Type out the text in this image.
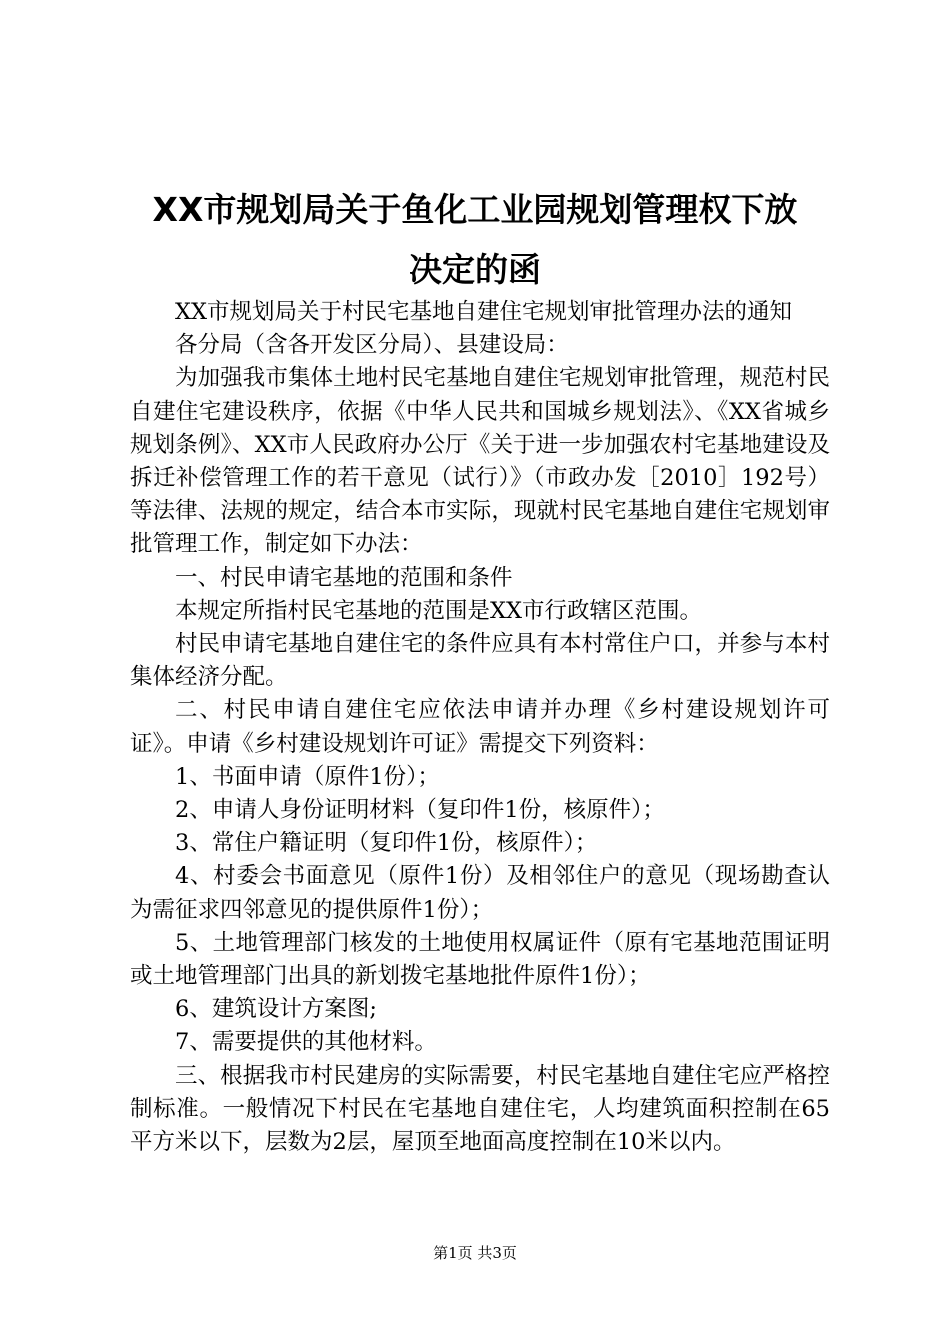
XX市规划局关于鱼化工业园规划管理权下放
决定的函

XX市规划局关于村民宅基地自建住宅规划审批管理办法的通知

各分局（含各开发区分局）、县建设局：

为加强我市集体土地村民宅基地自建住宅规划审批管理，规范村民自建住宅建设秩序，依据《中华人民共和国城乡规划法》、《XX省城乡规划条例》、XX市人民政府办公厅《关于进一步加强农村宅基地建设及拆迁补偿管理工作的若干意见（试行）》（市政办发［2010］192号）等法律、法规的规定，结合本市实际，现就村民宅基地自建住宅规划审批管理工作，制定如下办法：

一、村民申请宅基地的范围和条件

本规定所指村民宅基地的范围是XX市行政辖区范围。

村民申请宅基地自建住宅的条件应具有本村常住户口，并参与本村集体经济分配。

二、村民申请自建住宅应依法申请并办理《乡村建设规划许可证》。申请《乡村建设规划许可证》需提交下列资料：

1、书面申请（原件1份）；

2、申请人身份证明材料（复印件1份，核原件）；

3、常住户籍证明（复印件1份，核原件）；

4、村委会书面意见（原件1份）及相邻住户的意见（现场勘查认为需征求四邻意见的提供原件1份）；

5、土地管理部门核发的土地使用权属证件（原有宅基地范围证明或土地管理部门出具的新划拨宅基地批件原件1份）；

6、建筑设计方案图;

7、需要提供的其他材料。

三、根据我市村民建房的实际需要，村民宅基地自建住宅应严格控制标准。一般情况下村民在宅基地自建住宅，人均建筑面积控制在65平方米以下，层数为2层，屋顶至地面高度控制在10米以内。

第1页 共3页
